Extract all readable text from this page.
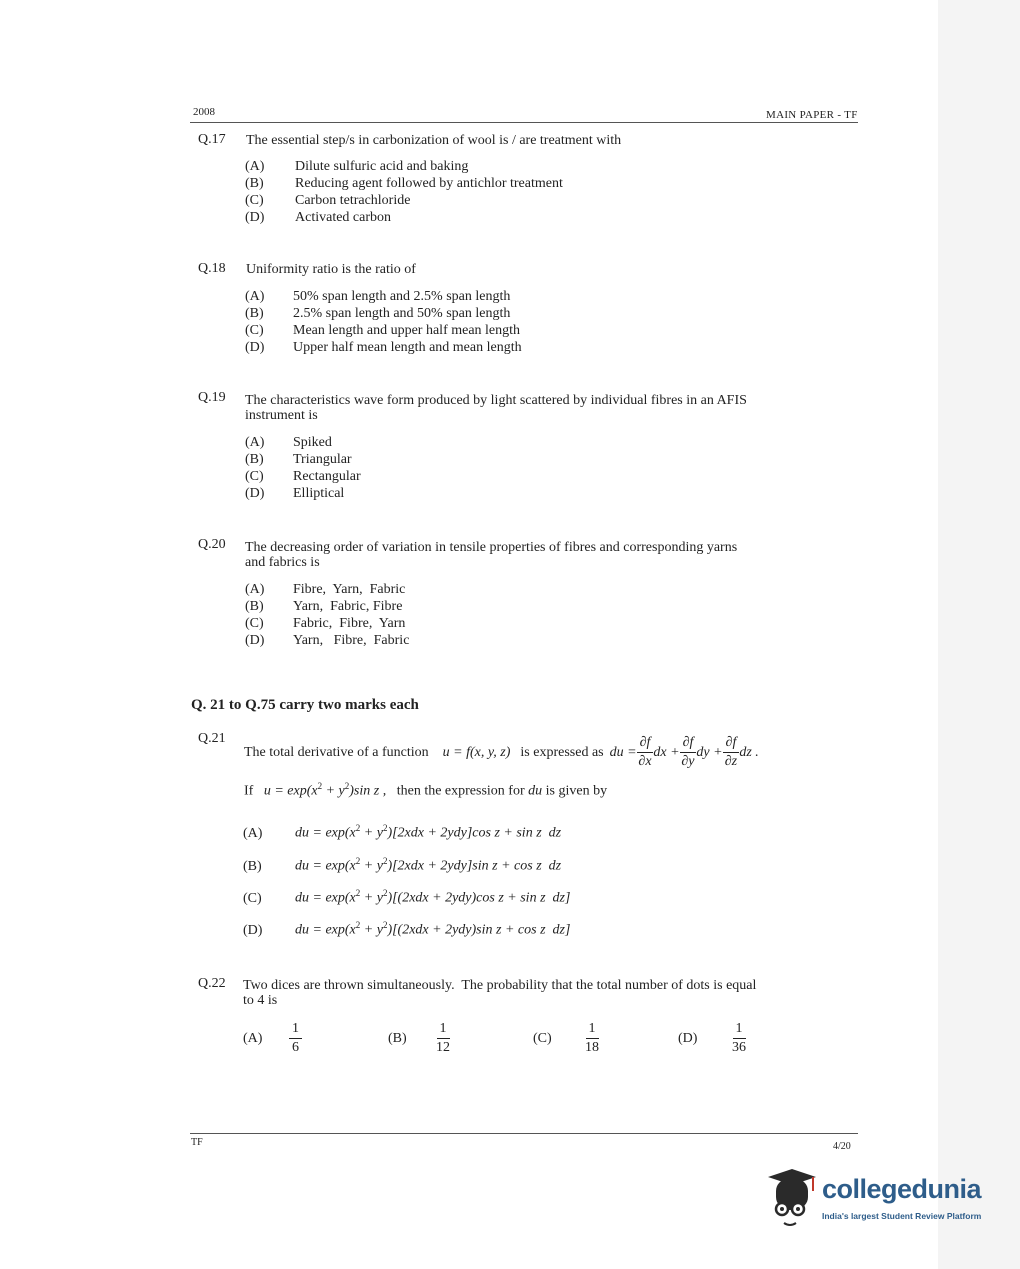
2008	MAIN PAPER - TF
Q.17 The essential step/s in carbonization of wool is / are treatment with
(A)	Dilute sulfuric acid and baking
(B)	Reducing agent followed by antichlor treatment
(C)	Carbon tetrachloride
(D)	Activated carbon
Q.18 Uniformity ratio is the ratio of
(A)	50% span length and 2.5% span length
(B)	2.5% span length and 50% span length
(C)	Mean length and upper half mean length
(D)	Upper half mean length and mean length
Q.19 The characteristics wave form produced by light scattered by individual fibres in an AFIS
instrument is
(A)	Spiked
(B)	Triangular
(C)	Rectangular
(D)	Elliptical
Q.20 The decreasing order of variation in tensile properties of fibres and corresponding yarns
and fabrics is
(A)	Fibre,  Yarn,  Fabric
(B)	Yarn,  Fabric, Fibre
(C)	Fabric,  Fibre,  Yarn
(D)	Yarn,   Fibre,  Fabric
Q. 21 to Q.75 carry two marks each
Q.21
The total derivative of a function u = f(x, y, z) is expressed as du = $\frac{\partial f}{\partial x}$ dx + $\frac{\partial f}{\partial y}$ dy + $\frac{\partial f}{\partial z}$ dz .
If $u = \exp(x^2 + y^2)\sin$ z , then the expression for du is given by
(A) du = $\exp(x^2 + y^2)[2xdx + 2ydy]\cos$ z + sin z  dz
(B) du = $\exp(x^2 + y^2)[2xdx + 2ydy]\sin$ z + cos z  dz
(C) du = $\exp(x^2 + y^2)[(2xdx + 2ydy)\cos$ z + sin z  dz]
(D) du = $\exp(x^2 + y^2)[(2xdx + 2ydy)\sin$ z + cos z  dz]
Q.22 Two dices are thrown simultaneously.  The probability that the total number of dots is equal
to 4 is
(A)	$\frac{1}{6}$	(B)	$\frac{1}{12}$	(C)	$\frac{1}{18}$	(D)	$\frac{1}{36}$
TF	4/20
collegedunia
India's largest Student Review Platform
